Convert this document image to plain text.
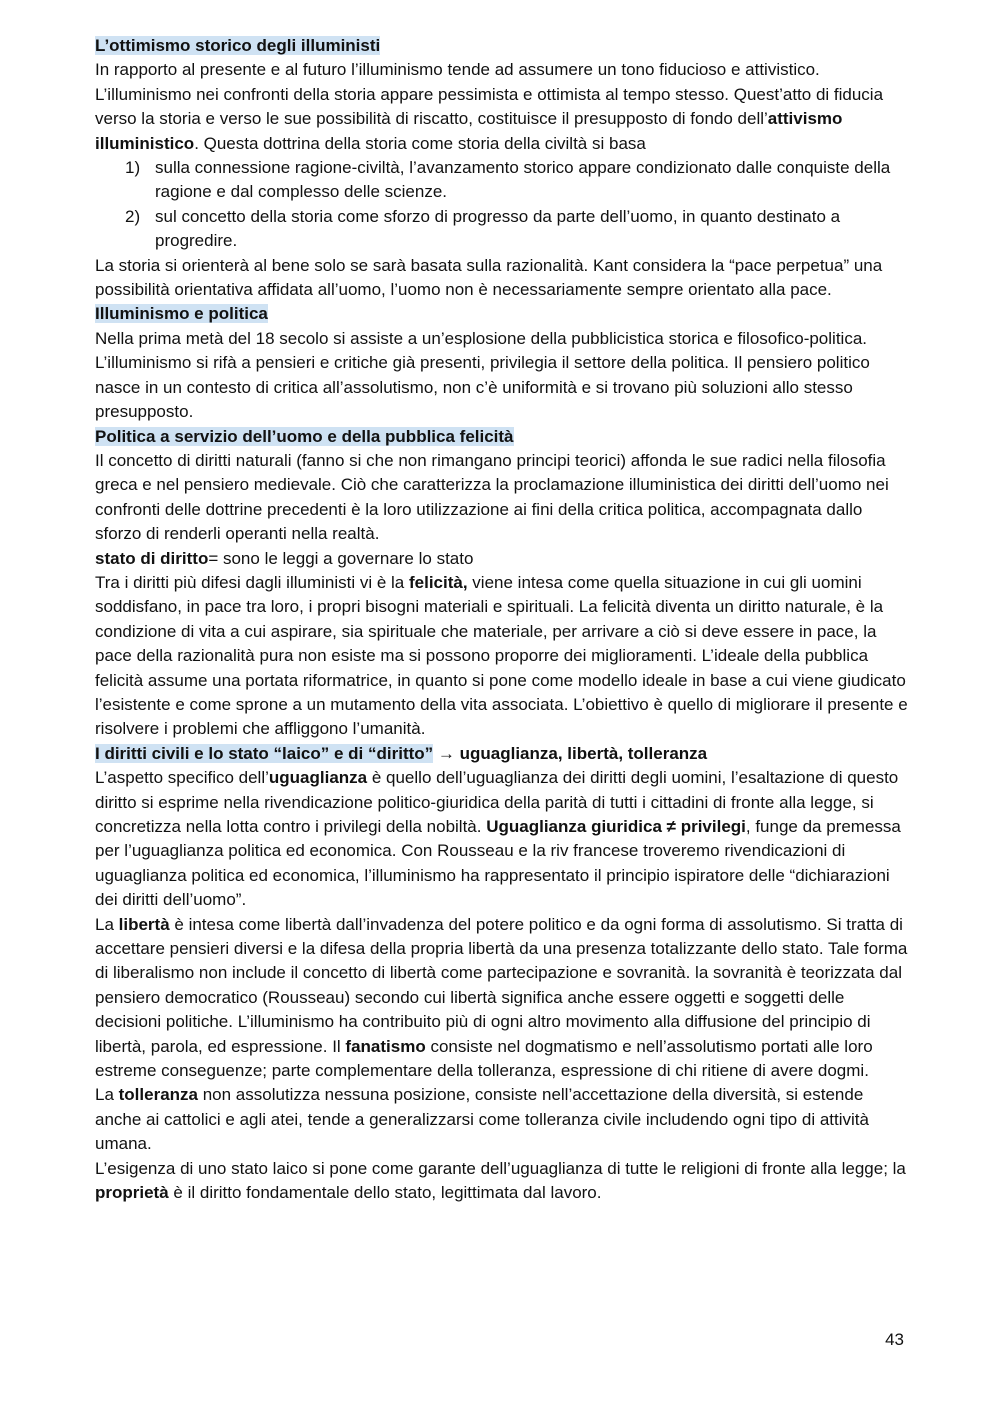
L’ottimismo storico degli illuministi

In rapporto al presente e al futuro l’illuminismo tende ad assumere un tono fiducioso e attivistico. L’illuminismo nei confronti della storia appare pessimista e ottimista al tempo stesso. Quest’atto di fiducia verso la storia e verso le sue possibilità di riscatto, costituisce il presupposto di fondo dell’attivismo illuministico. Questa dottrina della storia come storia della civiltà si basa

1) sulla connessione ragione-civiltà, l’avanzamento storico appare condizionato dalle conquiste della ragione e dal complesso delle scienze.
2) sul concetto della storia come sforzo di progresso da parte dell’uomo, in quanto destinato a progredire.

La storia si orienterà al bene solo se sarà basata sulla razionalità. Kant considera la “pace perpetua” una possibilità orientativa affidata all’uomo, l’uomo non è necessariamente sempre orientato alla pace.

Illuminismo e politica

Nella prima metà del 18 secolo si assiste a un’esplosione della pubblicistica storica e filosofico-politica. L’illuminismo si rifà a pensieri e critiche già presenti, privilegia il settore della politica. Il pensiero politico nasce in un contesto di critica all’assolutismo, non c’è uniformità e si trovano più soluzioni allo stesso presupposto.

Politica a servizio dell’uomo e della pubblica felicità

Il concetto di diritti naturali (fanno si che non rimangano principi teorici) affonda le sue radici nella filosofia greca e nel pensiero medievale. Ciò che caratterizza la proclamazione illuministica dei diritti dell’uomo nei confronti delle dottrine precedenti è la loro utilizzazione ai fini della critica politica, accompagnata dallo sforzo di renderli operanti nella realtà.

stato di diritto= sono le leggi a governare lo stato

Tra i diritti più difesi dagli illuministi vi è la felicità, viene intesa come quella situazione in cui gli uomini soddisfano, in pace tra loro, i propri bisogni materiali e spirituali. La felicità diventa un diritto naturale, è la condizione di vita a cui aspirare, sia spirituale che materiale, per arrivare a ciò si deve essere in pace, la pace della razionalità pura non esiste ma si possono proporre dei miglioramenti. L’ideale della pubblica felicità assume una portata riformatrice, in quanto si pone come modello ideale in base a cui viene giudicato l’esistente e come sprone a un mutamento della vita associata. L’obiettivo è quello di migliorare il presente e risolvere i problemi che affliggono l’umanità.

I diritti civili e lo stato “laico” e di “diritto” → uguaglianza, libertà, tolleranza

L’aspetto specifico dell’uguaglianza è quello dell’uguaglianza dei diritti degli uomini, l’esaltazione di questo diritto si esprime nella rivendicazione politico-giuridica della parità di tutti i cittadini di fronte alla legge, si concretizza nella lotta contro i privilegi della nobiltà. Uguaglianza giuridica ≠ privilegi, funge da premessa per l’uguaglianza politica ed economica. Con Rousseau e la riv francese troveremo rivendicazioni di uguaglianza politica ed economica, l’illuminismo ha rappresentato il principio ispiratore delle “dichiarazioni dei diritti dell’uomo”.

La libertà è intesa come libertà dall’invadenza del potere politico e da ogni forma di assolutismo. Si tratta di accettare pensieri diversi e la difesa della propria libertà da una presenza totalizzante dello stato. Tale forma di liberalismo non include il concetto di libertà come partecipazione e sovranità. la sovranità è teorizzata dal pensiero democratico (Rousseau) secondo cui libertà significa anche essere oggetti e soggetti delle decisioni politiche. L’illuminismo ha contribuito più di ogni altro movimento alla diffusione del principio di libertà, parola, ed espressione. Il fanatismo consiste nel dogmatismo e nell’assolutismo portati alle loro estreme conseguenze; parte complementare della tolleranza, espressione di chi ritiene di avere dogmi.

La tolleranza non assolutizza nessuna posizione, consiste nell’accettazione della diversità, si estende anche ai cattolici e agli atei, tende a generalizzarsi come tolleranza civile includendo ogni tipo di attività umana.

L’esigenza di uno stato laico si pone come garante dell’uguaglianza di tutte le religioni di fronte alla legge; la proprietà è il diritto fondamentale dello stato, legittimata dal lavoro.

43
